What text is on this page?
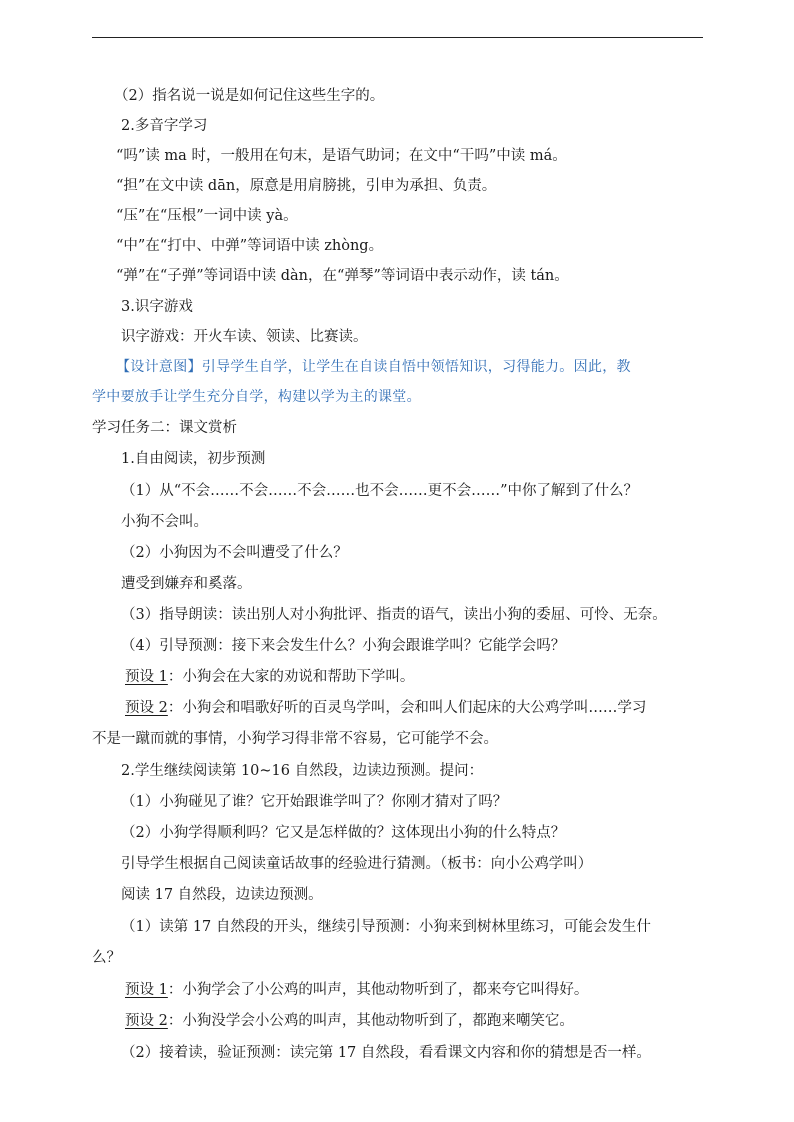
（2）指名说一说是如何记住这些生字的。
2.多音字学习
“吗”读 ma 时，一般用在句末，是语气助词；在文中“干吗”中读 má。
“担”在文中读 dān，原意是用肩膀挑，引申为承担、负责。
“压”在“压根”一词中读 yà。
“中”在“打中、中弹”等词语中读 zhòng。
“弹”在“子弹”等词语中读 dàn，在“弹琴”等词语中表示动作，读 tán。
3.识字游戏
识字游戏：开火车读、领读、比赛读。
【设计意图】引导学生自学，让学生在自读自悟中领悟知识，习得能力。因此，教
学中要放手让学生充分自学，构建以学为主的课堂。
学习任务二：课文赏析
1.自由阅读，初步预测
（1）从“不会……不会……不会……也不会……更不会……”中你了解到了什么？
小狗不会叫。
（2）小狗因为不会叫遭受了什么？
遭受到嫌弃和奚落。
（3）指导朗读：读出别人对小狗批评、指责的语气，读出小狗的委屈、可怜、无奈。
（4）引导预测：接下来会发生什么？小狗会跟谁学叫？它能学会吗？
预设 1：小狗会在大家的劝说和帮助下学叫。
预设 2：小狗会和唱歌好听的百灵鸟学叫，会和叫人们起床的大公鸡学叫……学习
不是一蹴而就的事情，小狗学习得非常不容易，它可能学不会。
2.学生继续阅读第 10~16 自然段，边读边预测。提问：
（1）小狗碰见了谁？它开始跟谁学叫了？你刚才猜对了吗？
（2）小狗学得顺利吗？它又是怎样做的？这体现出小狗的什么特点？
引导学生根据自己阅读童话故事的经验进行猜测。（板书：向小公鸡学叫）
阅读 17 自然段，边读边预测。
（1）读第 17 自然段的开头，继续引导预测：小狗来到树林里练习，可能会发生什
么？
预设 1：小狗学会了小公鸡的叫声，其他动物听到了，都来夸它叫得好。
预设 2：小狗没学会小公鸡的叫声，其他动物听到了，都跑来嘲笑它。
（2）接着读，验证预测：读完第 17 自然段，看看课文内容和你的猜想是否一样。
